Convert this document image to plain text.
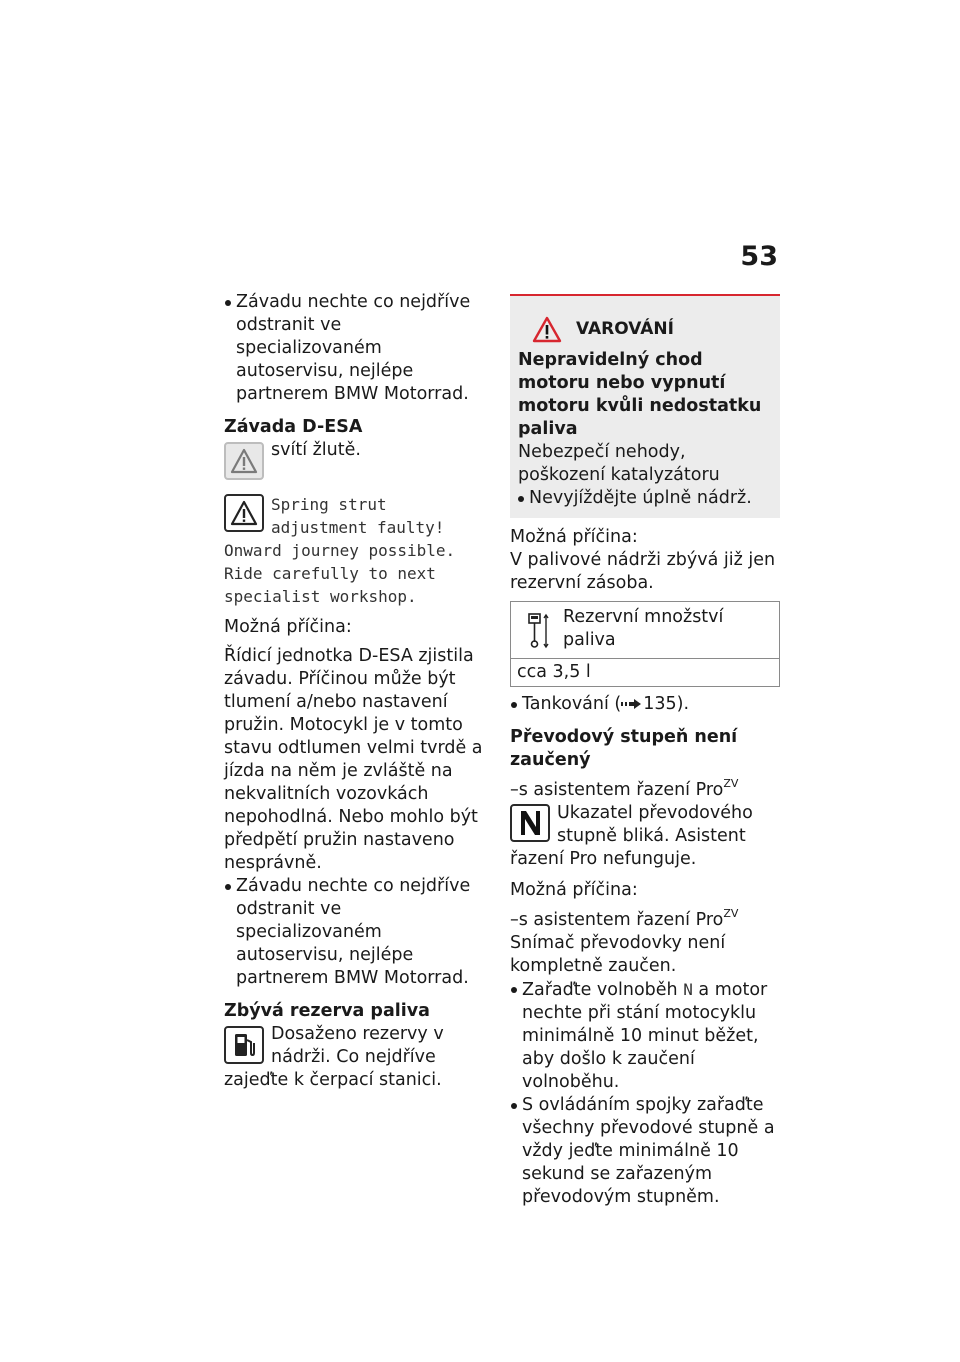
53

Závadu nechte co nejdříve odstranit ve specializovaném autoservisu, nejlépe partnerem BMW Motorrad.

Závada D-ESA

svítí žlutě.

Spring strut adjustment faulty! Onward journey possible. Ride carefully to next specialist workshop.

Možná příčina:

Řídicí jednotka D-ESA zjistila závadu. Příčinou může být tlumení a/nebo nastavení pružin. Motocykl je v tomto stavu odtlumen velmi tvrdě a jízda na něm je zvláště na nekvalitních vozovkách nepohodlná. Nebo mohlo být předpětí pružin nastaveno nesprávně.

Závadu nechte co nejdříve odstranit ve specializovaném autoservisu, nejlépe partnerem BMW Motorrad.

Zbývá rezerva paliva

Dosaženo rezervy v nádrži. Co nejdříve zajeďte k čerpací stanici.

VAROVÁNÍ

Nepravidelný chod motoru nebo vypnutí motoru kvůli nedostatku paliva

Nebezpečí nehody, poškození katalyzátoru

Nevyjíždějte úplně nádrž.

Možná příčina:

V palivové nádrži zbývá již jen rezervní zásoba.

Rezervní množství paliva
cca 3,5 l

Tankování ( 135).

Převodový stupeň není zaučený

–s asistentem řazení Pro$^{ZV}$

Ukazatel převodového stupně bliká. Asistent řazení Pro nefunguje.

Možná příčina:

–s asistentem řazení Pro$^{ZV}$

Snímač převodovky není kompletně zaučen.

Zařaďte volnoběh N a motor nechte při stání motocyklu minimálně 10 minut běžet, aby došlo k zaučení volnoběhu.

S ovládáním spojky zařaďte všechny převodové stupně a vždy jeďte minimálně 10 sekund se zařazeným převodovým stupněm.
